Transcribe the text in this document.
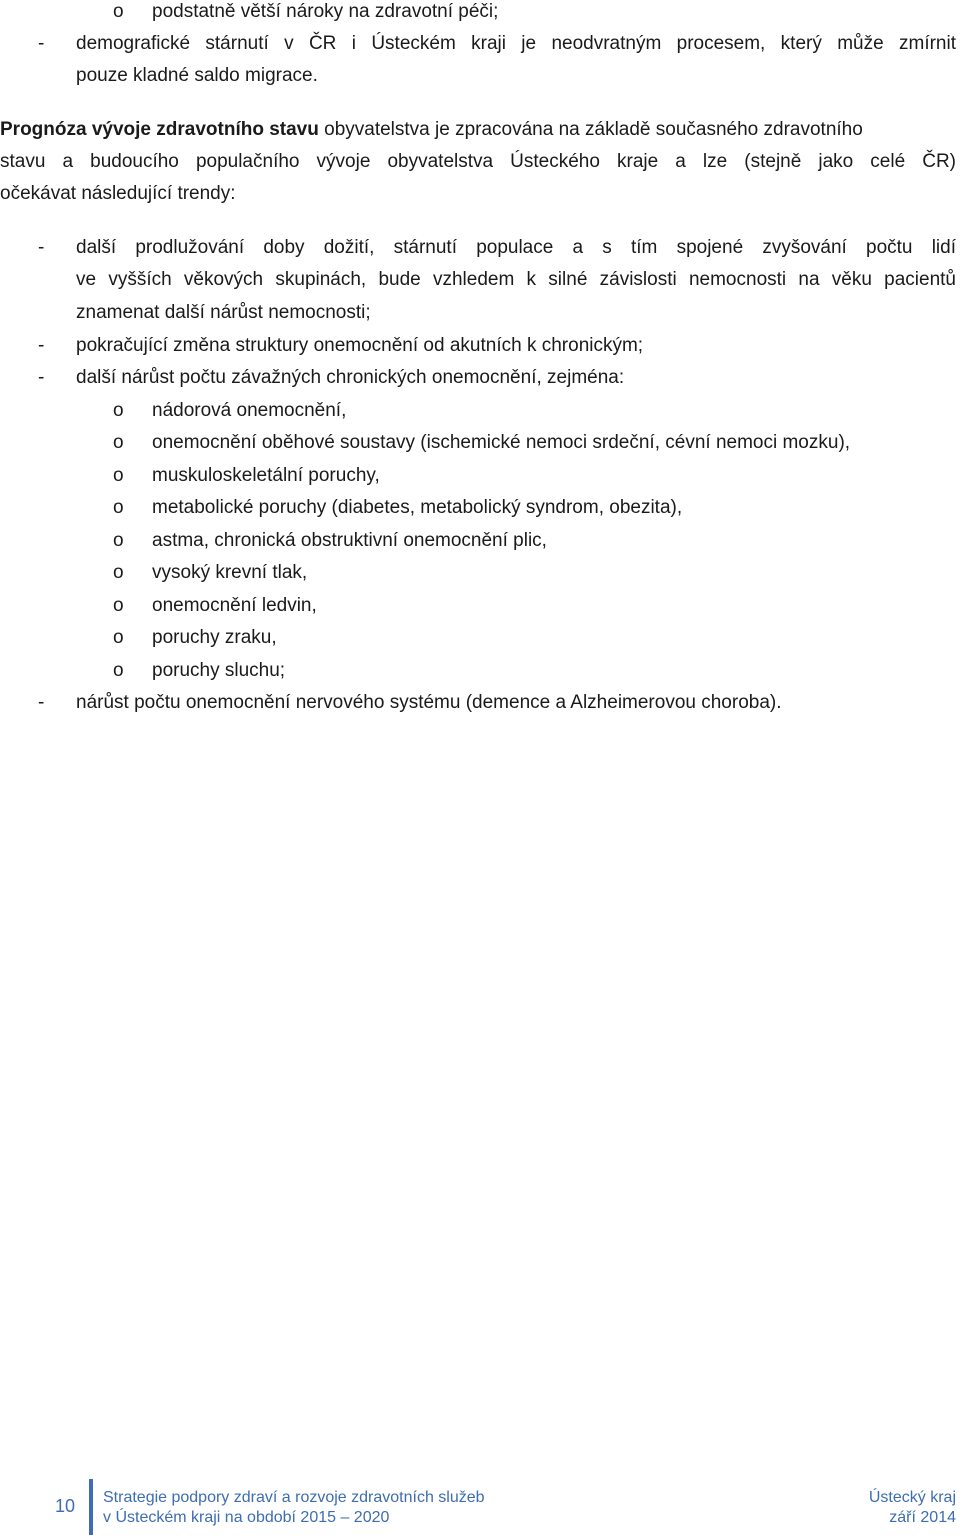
o podstatně větší nároky na zdravotní péči;
- demografické stárnutí v ČR i Ústeckém kraji je neodvratným procesem, který může zmírnit
pouze kladné saldo migrace.
Prognóza vývoje zdravotního stavu obyvatelstva je zpracována na základě současného zdravotního
stavu a budoucího populačního vývoje obyvatelstva Ústeckého kraje a lze (stejně jako celé ČR)
očekávat následující trendy:
- další prodlužování doby dožití, stárnutí populace a s tím spojené zvyšování počtu lidí
ve vyšších věkových skupinách, bude vzhledem k silné závislosti nemocnosti na věku pacientů
znamenat další nárůst nemocnosti;
- pokračující změna struktury onemocnění od akutních k chronickým;
- další nárůst počtu závažných chronických onemocnění, zejména:
o nádorová onemocnění,
o onemocnění oběhové soustavy (ischemické nemoci srdeční, cévní nemoci mozku),
o muskuloskeletální poruchy,
o metabolické poruchy (diabetes, metabolický syndrom, obezita),
o astma, chronická obstruktivní onemocnění plic,
o vysoký krevní tlak,
o onemocnění ledvin,
o poruchy zraku,
o poruchy sluchu;
- nárůst počtu onemocnění nervového systému (demence a Alzheimerovou choroba).
10 Strategie podpory zdraví a rozvoje zdravotních služeb
v Ústeckém kraji na období 2015 – 2020
Ústecký kraj
září 2014
